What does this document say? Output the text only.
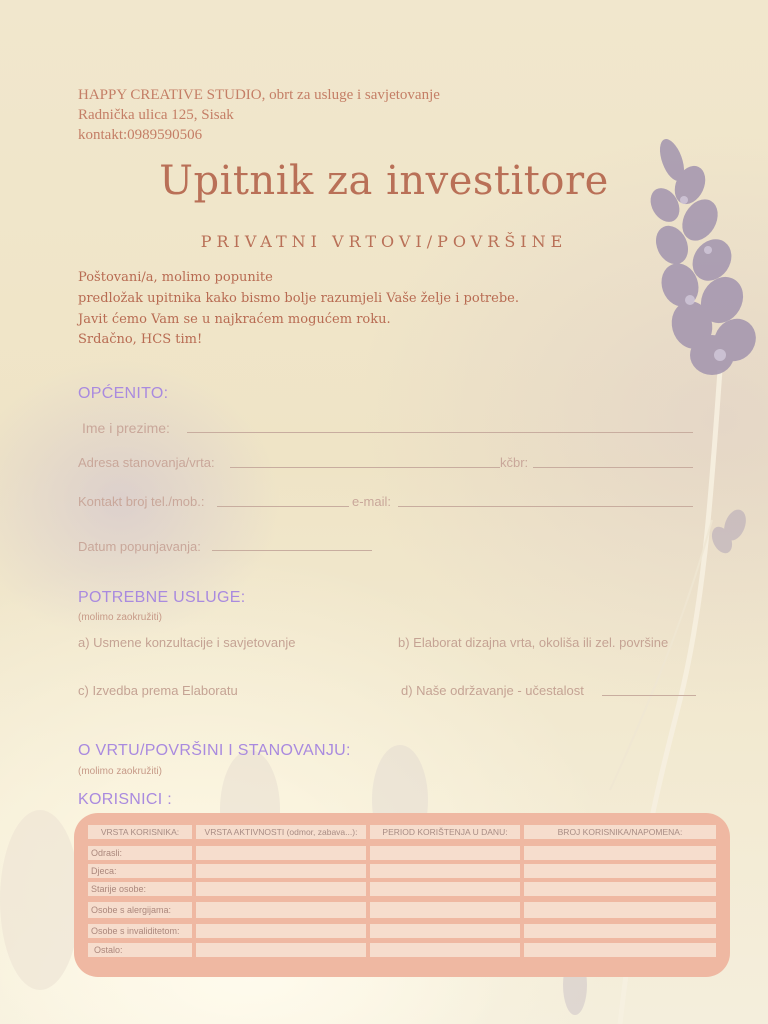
HAPPY CREATIVE STUDIO, obrt za usluge i savjetovanje
Radnička ulica 125, Sisak
kontakt:0989590506
Upitnik za investitore
PRIVATNI VRTOVI/POVRŠINE
Poštovani/a, molimo popunite
predložak upitnika kako bismo bolje razumjeli Vaše želje i potrebe.
Javit ćemo Vam se u najkraćem mogućem roku.
Srdačno, HCS tim!
OPĆENITO:
Ime i prezime:
Adresa stanovanja/vrta:	kčbr:
Kontakt broj tel./mob.:	e-mail:
Datum popunjavanja:
POTREBNE USLUGE:
(molimo zaokružiti)
a) Usmene konzultacije i savjetovanje	b) Elaborat dizajna vrta, okoliša ili zel. površine
c) Izvedba prema Elaboratu	d) Naše održavanje - učestalost
O VRTU/POVRŠINI I STANOVANJU:
(molimo zaokružiti)
KORISNICI :
VRSTA KORISNIKA:	VRSTA AKTIVNOSTI (odmor, zabava...):	PERIOD KORIŠTENJA U DANU:	BROJ KORISNIKA/NAPOMENA:
Odrasli:
Djeca:
Starije osobe:
Osobe s alergijama:
Osobe s invaliditetom:
Ostalo:
